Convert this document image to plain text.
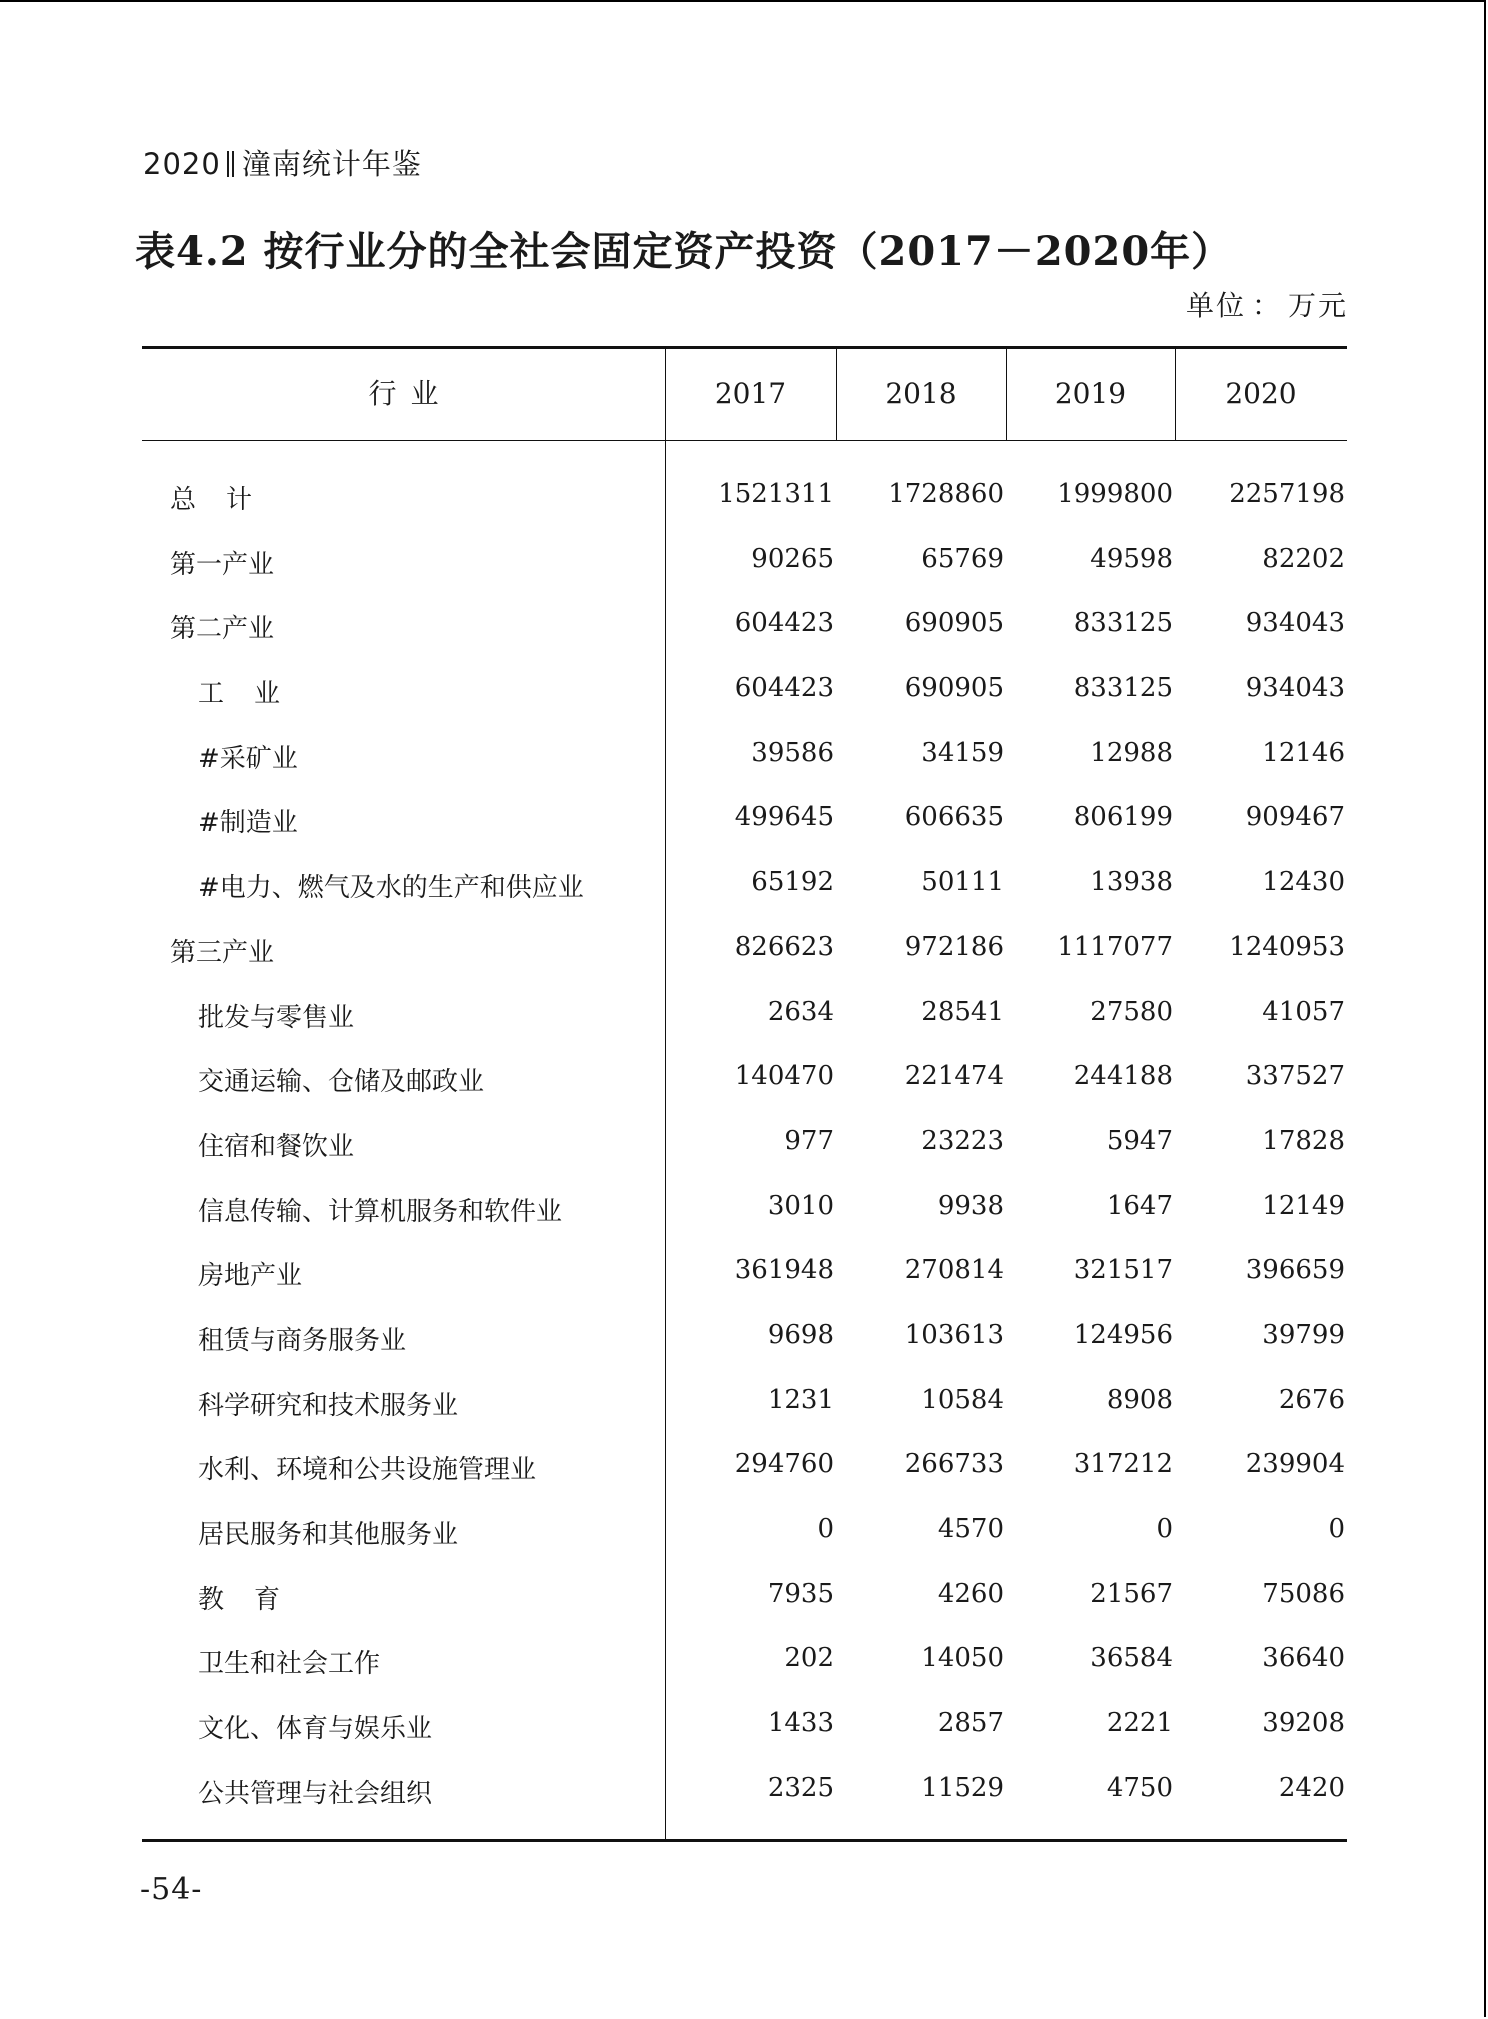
2020 潼南统计年鉴
表4.2 按行业分的全社会固定资产投资（2017－2020年）
单位 ： 万元
行业	2017	2018	2019	2020
总计	1521311	1728860	1999800	2257198
第一产业	90265	65769	49598	82202
第二产业	604423	690905	833125	934043
工业	604423	690905	833125	934043
#采矿业	39586	34159	12988	12146
#制造业	499645	606635	806199	909467
#电力、燃气及水的生产和供应业	65192	50111	13938	12430
第三产业	826623	972186	1117077	1240953
批发与零售业	2634	28541	27580	41057
交通运输、仓储及邮政业	140470	221474	244188	337527
住宿和餐饮业	977	23223	5947	17828
信息传输、计算机服务和软件业	3010	9938	1647	12149
房地产业	361948	270814	321517	396659
租赁与商务服务业	9698	103613	124956	39799
科学研究和技术服务业	1231	10584	8908	2676
水利、环境和公共设施管理业	294760	266733	317212	239904
居民服务和其他服务业	0	4570	0	0
教育	7935	4260	21567	75086
卫生和社会工作	202	14050	36584	36640
文化、体育与娱乐业	1433	2857	2221	39208
公共管理与社会组织	2325	11529	4750	2420
-54-
